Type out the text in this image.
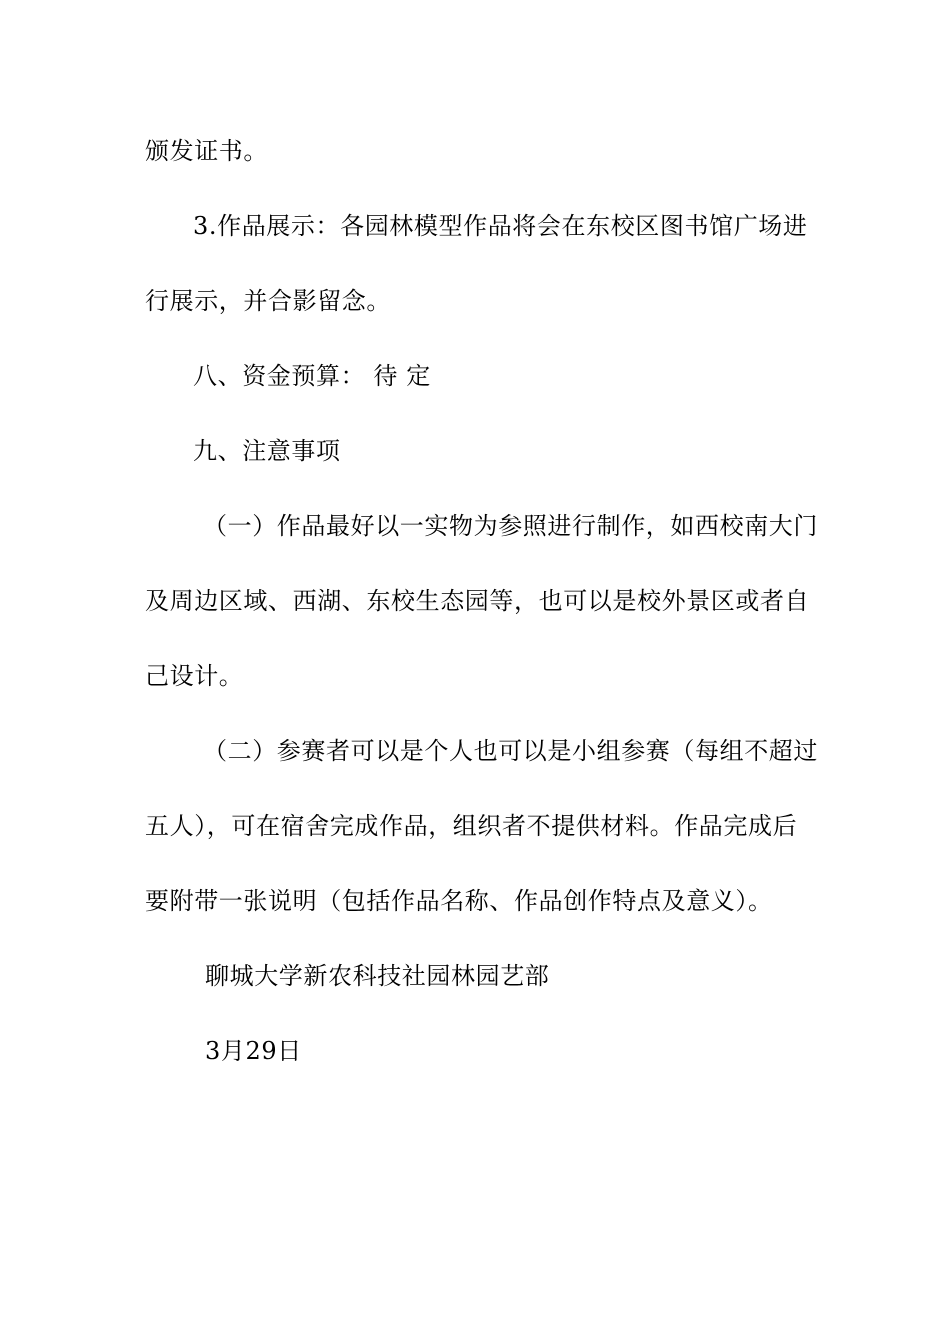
颁发证书。
3.作品展示：各园林模型作品将会在东校区图书馆广场进
行展示，并合影留念。
八、资金预算： 待 定
九、注意事项
（一）作品最好以一实物为参照进行制作，如西校南大门
及周边区域、西湖、东校生态园等，也可以是校外景区或者自
己设计。
（二）参赛者可以是个人也可以是小组参赛（每组不超过
五人），可在宿舍完成作品，组织者不提供材料。作品完成后
要附带一张说明（包括作品名称、作品创作特点及意义）。
聊城大学新农科技社园林园艺部
3月29日
